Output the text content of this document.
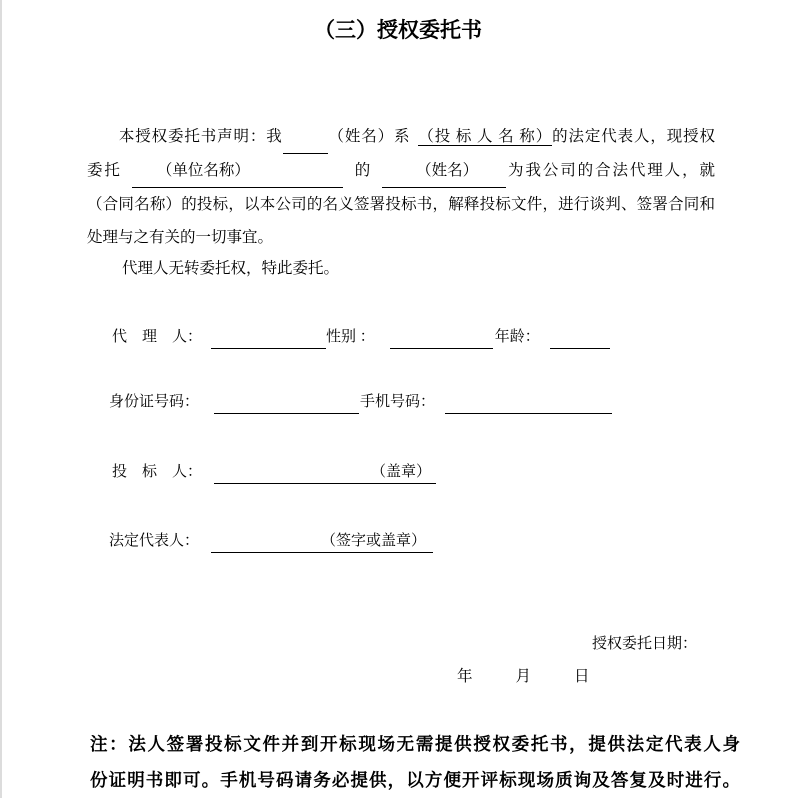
（三）授权委托书
本授权委托书声明：我	（姓名）系 （投 标 人 名 称）的法定代表人，现授权
委托 （单位名称）	的	（姓名） 为我公司的合法代理人，就
（合同名称）的投标，以本公司的名义签署投标书，解释投标文件，进行谈判、签署合同和
处理与之有关的一切事宜。
代理人无转委托权，特此委托。
代　理　人：	性别 ：	年龄：
身份证号码：	手机号码：
投　标　人：	（盖章）
法定代表人：	（签字或盖章）
授权委托日期：
年	月	日
注：法人签署投标文件并到开标现场无需提供授权委托书，提供法定代表人身
份证明书即可。手机号码请务必提供，以方便开评标现场质询及答复及时进行。
